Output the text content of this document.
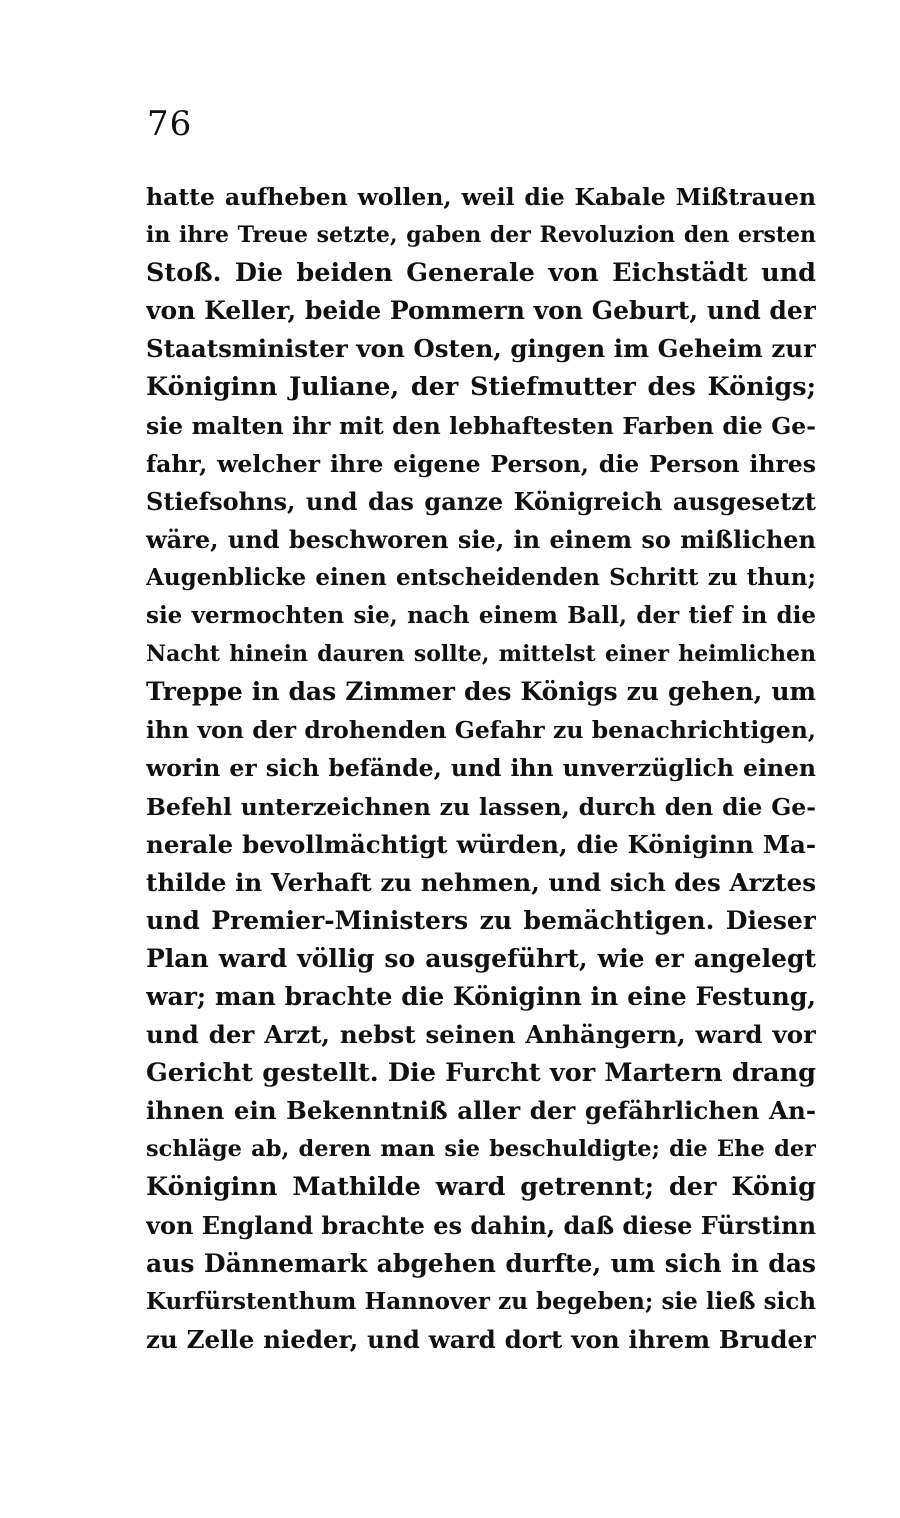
76
hatte aufheben wollen, weil die Kabale Mißtrauen
in ihre Treue setzte, gaben der Revoluzion den ersten
Stoß. Die beiden Generale von Eichstädt und
von Keller, beide Pommern von Geburt, und der
Staatsminister von Osten, gingen im Geheim zur
Königinn Juliane, der Stiefmutter des Königs;
sie malten ihr mit den lebhaftesten Farben die Ge-
fahr, welcher ihre eigene Person, die Person ihres
Stiefsohns, und das ganze Königreich ausgesetzt
wäre, und beschworen sie, in einem so mißlichen
Augenblicke einen entscheidenden Schritt zu thun;
sie vermochten sie, nach einem Ball, der tief in die
Nacht hinein dauren sollte, mittelst einer heimlichen
Treppe in das Zimmer des Königs zu gehen, um
ihn von der drohenden Gefahr zu benachrichtigen,
worin er sich befände, und ihn unverzüglich einen
Befehl unterzeichnen zu lassen, durch den die Ge-
nerale bevollmächtigt würden, die Königinn Ma-
thilde in Verhaft zu nehmen, und sich des Arztes
und Premier-Ministers zu bemächtigen. Dieser
Plan ward völlig so ausgeführt, wie er angelegt
war; man brachte die Königinn in eine Festung,
und der Arzt, nebst seinen Anhängern, ward vor
Gericht gestellt. Die Furcht vor Martern drang
ihnen ein Bekenntniß aller der gefährlichen An-
schläge ab, deren man sie beschuldigte; die Ehe der
Königinn Mathilde ward getrennt; der König
von England brachte es dahin, daß diese Fürstinn
aus Dännemark abgehen durfte, um sich in das
Kurfürstenthum Hannover zu begeben; sie ließ sich
zu Zelle nieder, und ward dort von ihrem Bruder
